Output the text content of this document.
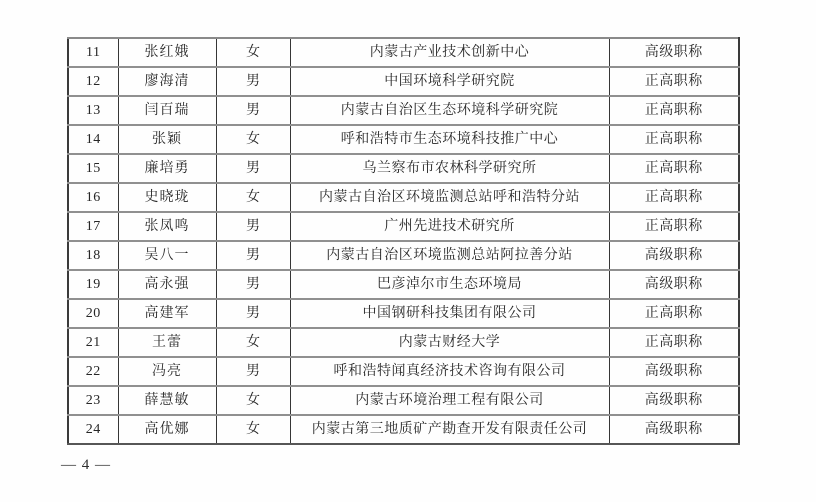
11	张红娥	女	内蒙古产业技术创新中心	高级职称
12	廖海清	男	中国环境科学研究院	正高职称
13	闫百瑞	男	内蒙古自治区生态环境科学研究院	正高职称
14	张颖	女	呼和浩特市生态环境科技推广中心	正高职称
15	廉培勇	男	乌兰察布市农林科学研究所	正高职称
16	史晓珑	女	内蒙古自治区环境监测总站呼和浩特分站	正高职称
17	张凤鸣	男	广州先进技术研究所	正高职称
18	吴八一	男	内蒙古自治区环境监测总站阿拉善分站	高级职称
19	高永强	男	巴彦淖尔市生态环境局	高级职称
20	高建军	男	中国钢研科技集团有限公司	正高职称
21	王蕾	女	内蒙古财经大学	正高职称
22	冯亮	男	呼和浩特闻真经济技术咨询有限公司	高级职称
23	薛慧敏	女	内蒙古环境治理工程有限公司	高级职称
24	高优娜	女	内蒙古第三地质矿产勘查开发有限责任公司	高级职称
— 4 —
